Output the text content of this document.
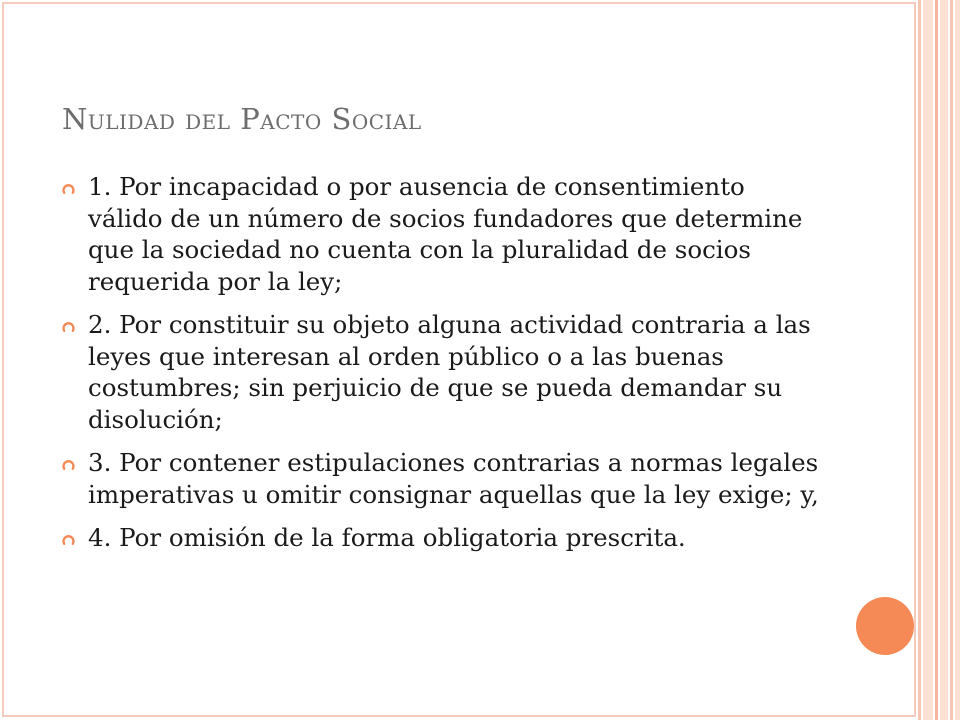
Nulidad del Pacto Social
1. Por incapacidad o por ausencia de consentimiento válido de un número de socios fundadores que determine que la sociedad no cuenta con la pluralidad de socios requerida por la ley;
2. Por constituir su objeto alguna actividad contraria a las leyes que interesan al orden público o a las buenas costumbres; sin perjuicio de que se pueda demandar su disolución;
3. Por contener estipulaciones contrarias a normas legales imperativas u omitir consignar aquellas que la ley exige; y,
4. Por omisión de la forma obligatoria prescrita.
